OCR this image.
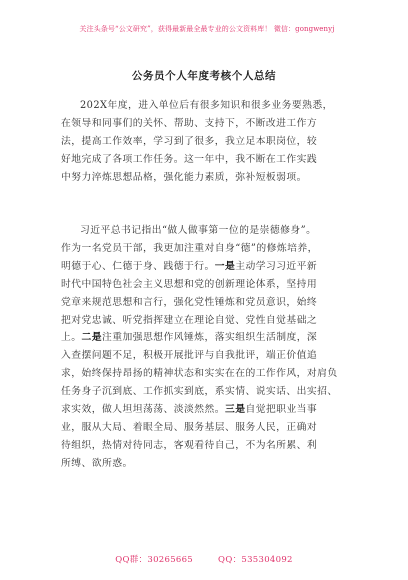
关注头条号“公文研究”，获得最新最全最专业的公文资料库！ 微信：gongwenyj
公务员个人年度考核个人总结
202X年度，进入单位后有很多知识和很多业务要熟悉，
在领导和同事们的关怀、帮助、支持下，不断改进工作方
法，提高工作效率，学习到了很多，我立足本职岗位，较
好地完成了各项工作任务。这一年中，我不断在工作实践
中努力淬炼思想品格，强化能力素质，弥补短板弱项。
习近平总书记指出“做人做事第一位的是崇德修身”。
作为一名党员干部，我更加注重对自身“德”的修炼培养，
明德于心、仁德于身、践德于行。一是主动学习习近平新
时代中国特色社会主义思想和党的创新理论体系，坚持用
党章来规范思想和言行，强化党性锤炼和党员意识，始终
把对党忠诚、听党指挥建立在理论自觉、党性自觉基础之
上。二是注重加强思想作风锤炼，落实组织生活制度，深
入查摆问题不足，积极开展批评与自我批评，端正价值追
求，始终保持昂扬的精神状态和实实在在的工作作风，对肩负
任务身子沉到底、工作抓实到底，系实情、说实话、出实招、
求实效，做人坦坦荡荡、淡淡然然。三是自觉把职业当事
业，服从大局、着眼全局、服务基层、服务人民，正确对
待组织，热情对待同志，客观看待自己，不为名所累、利
所缚、欲所惑。
QQ群：30265665	QQ：535304092
